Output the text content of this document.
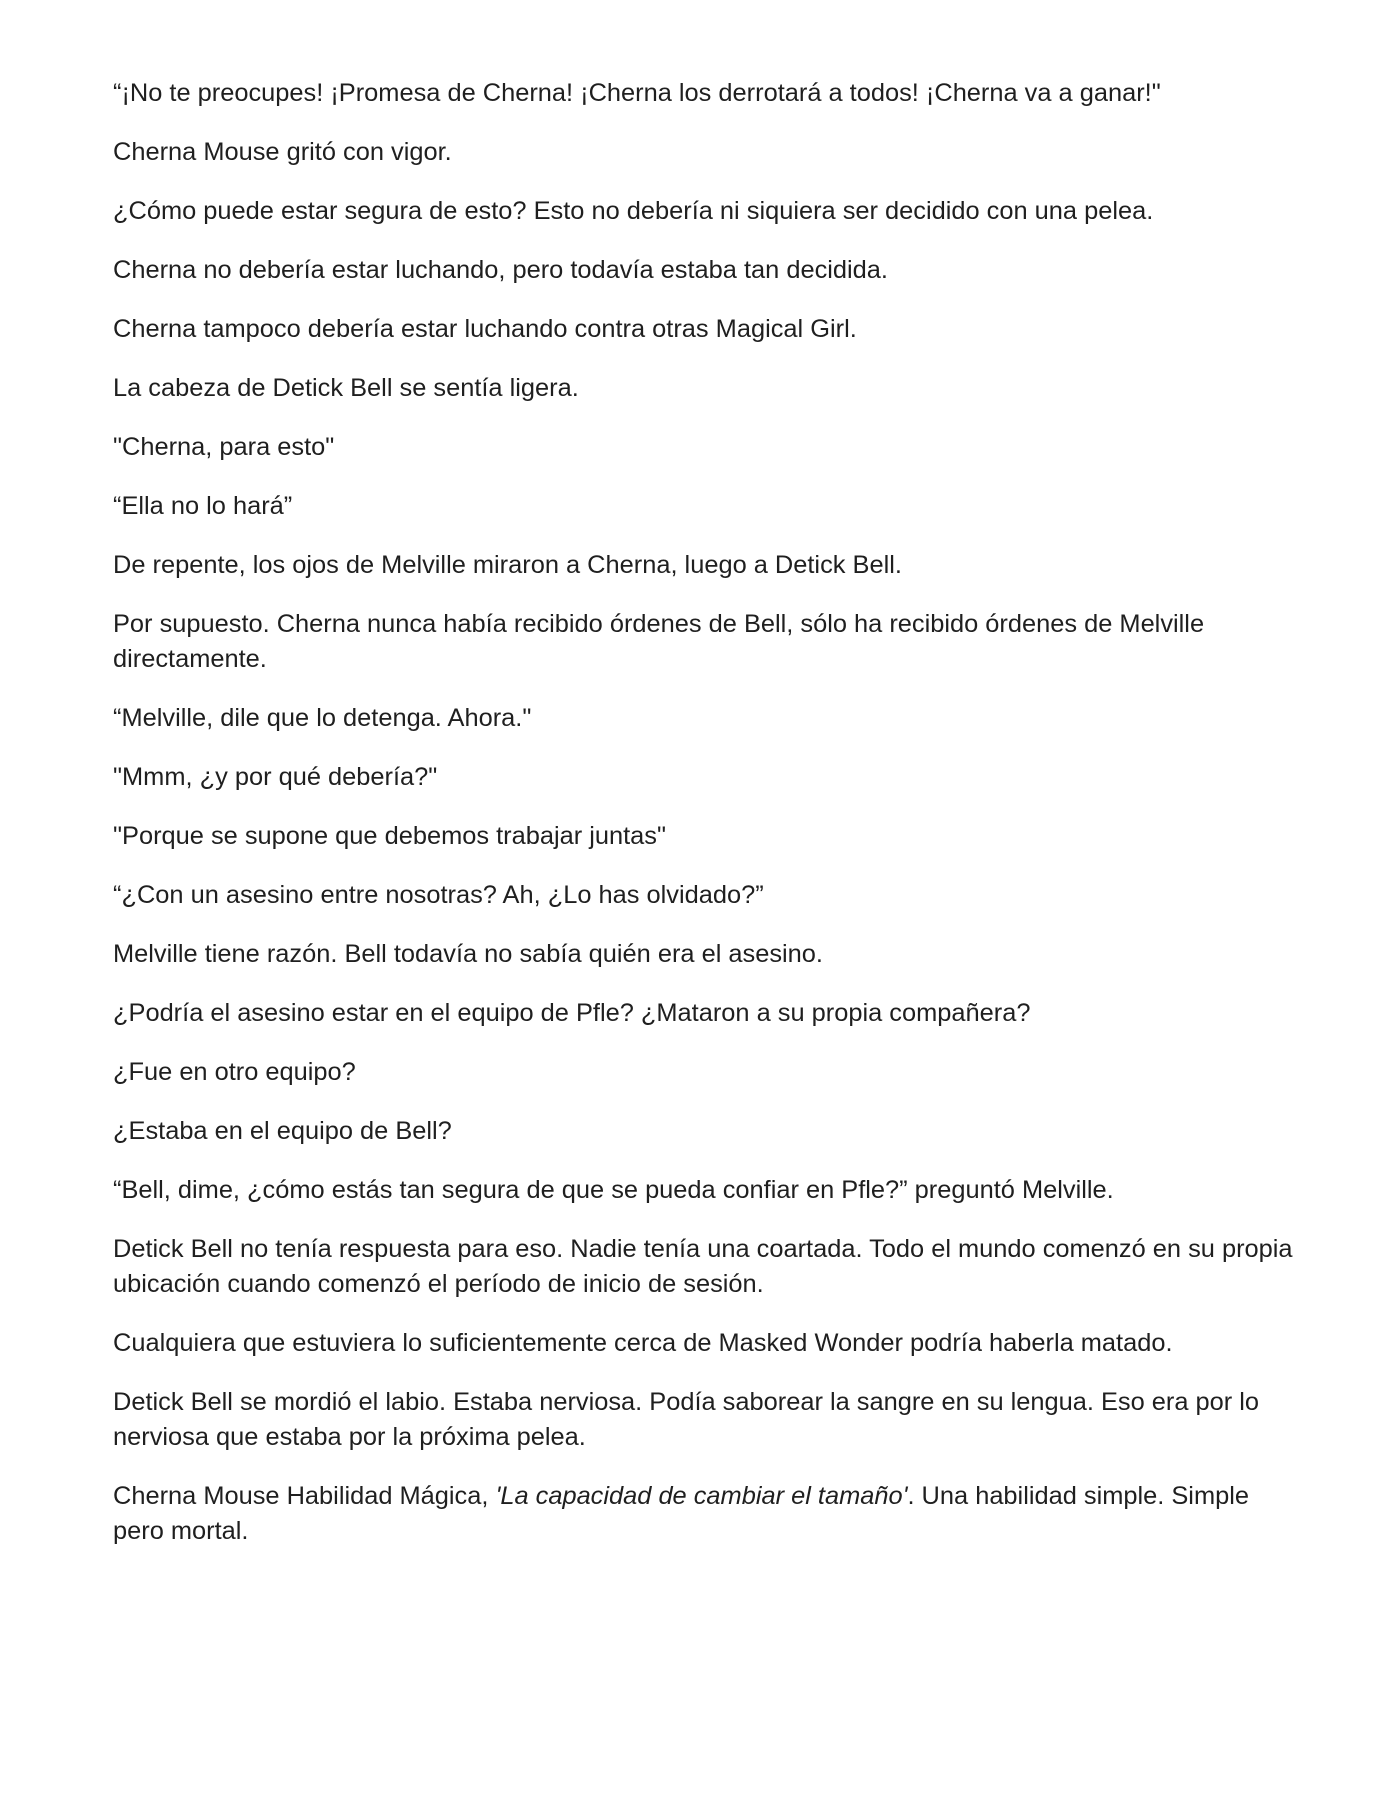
“¡No te preocupes! ¡Promesa de Cherna! ¡Cherna los derrotará a todos! ¡Cherna va a ganar!"

Cherna Mouse gritó con vigor.

¿Cómo puede estar segura de esto? Esto no debería ni siquiera ser decidido con una pelea.

Cherna no debería estar luchando, pero todavía estaba tan decidida.

Cherna tampoco debería estar luchando contra otras Magical Girl.

La cabeza de Detick Bell se sentía ligera.

"Cherna, para esto"

“Ella no lo hará”

De repente, los ojos de Melville miraron a Cherna, luego a Detick Bell.

Por supuesto. Cherna nunca había recibido órdenes de Bell, sólo ha recibido órdenes de Melville directamente.

“Melville, dile que lo detenga. Ahora."

"Mmm, ¿y por qué debería?"

"Porque se supone que debemos trabajar juntas"

“¿Con un asesino entre nosotras? Ah, ¿Lo has olvidado?”

Melville tiene razón. Bell todavía no sabía quién era el asesino.

¿Podría el asesino estar en el equipo de Pfle? ¿Mataron a su propia compañera?

¿Fue en otro equipo?

¿Estaba en el equipo de Bell?

“Bell, dime, ¿cómo estás tan segura de que se pueda confiar en Pfle?” preguntó Melville.

Detick Bell no tenía respuesta para eso. Nadie tenía una coartada. Todo el mundo comenzó en su propia ubicación cuando comenzó el período de inicio de sesión.

Cualquiera que estuviera lo suficientemente cerca de Masked Wonder podría haberla matado.

Detick Bell se mordió el labio. Estaba nerviosa. Podía saborear la sangre en su lengua. Eso era por lo nerviosa que estaba por la próxima pelea.

Cherna Mouse Habilidad Mágica, 'La capacidad de cambiar el tamaño'. Una habilidad simple. Simple pero mortal.
